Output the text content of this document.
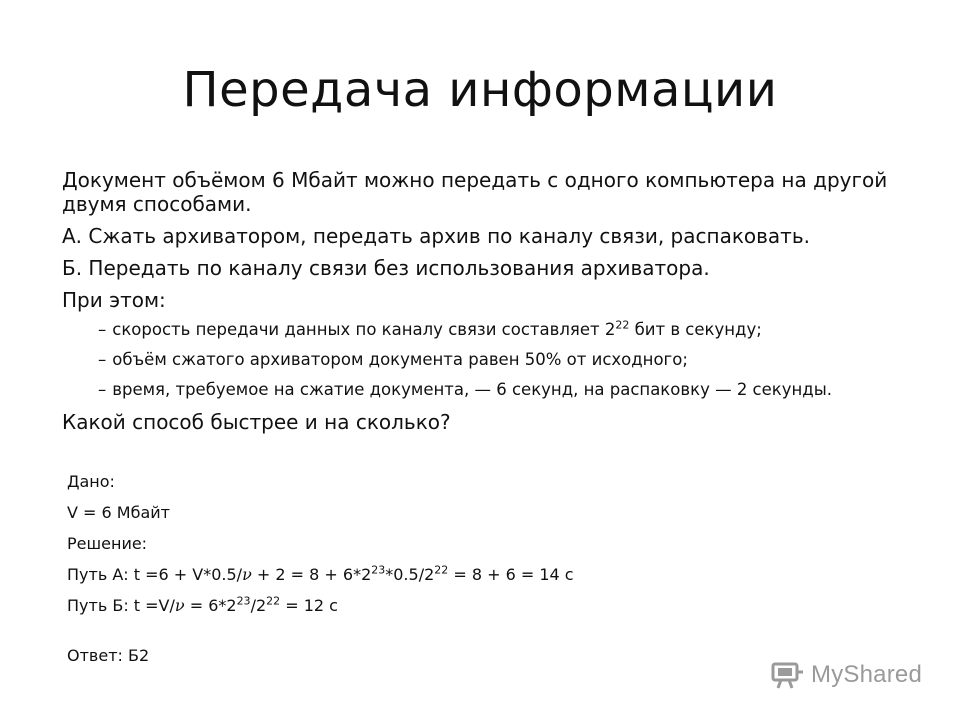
Передача информации
Документ объёмом 6 Мбайт можно передать с одного компьютера на другой двумя способами.
А. Сжать архиватором, передать архив по каналу связи, распаковать.
Б. Передать по каналу связи без использования архиватора.
При этом:
– скорость передачи данных по каналу связи составляет $2^{22}$ бит в секунду;
– объём сжатого архиватором документа равен 50% от исходного;
– время, требуемое на сжатие документа, — 6 секунд, на распаковку — 2 секунды.
Какой способ быстрее и на сколько?
Дано:
V = 6 Мбайт
Решение:
Путь А: $t =6 + V*0.5/\nu + 2 = 8 + 6*2^{23}*0.5/2^{22} = 8 + 6 = 14$ с
Путь Б: $t =V/\nu = 6*2^{23}/2^{22} = 12$ с
Ответ: Б2
MyShared
